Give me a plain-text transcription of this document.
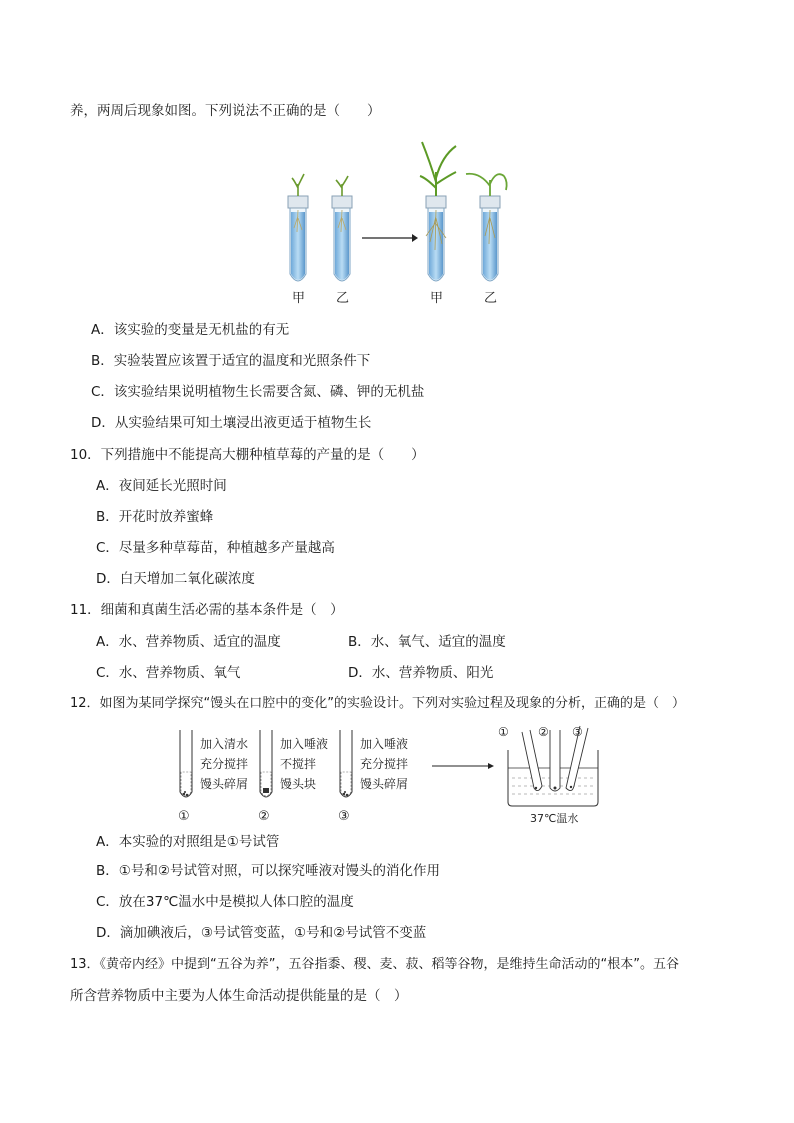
养，两周后现象如图。下列说法不正确的是（　　）
甲 乙	甲	乙
A．该实验的变量是无机盐的有无
B．实验装置应该置于适宜的温度和光照条件下
C．该实验结果说明植物生长需要含氮、磷、钾的无机盐
D．从实验结果可知土壤浸出液更适于植物生长
10．下列措施中不能提高大棚种植草莓的产量的是（　　）
A．夜间延长光照时间
B．开花时放养蜜蜂
C．尽量多种草莓苗，种植越多产量越高
D．白天增加二氧化碳浓度
11．细菌和真菌生活必需的基本条件是（　）
A．水、营养物质、适宜的温度	B．水、氧气、适宜的温度
C．水、营养物质、氧气	D．水、营养物质、阳光
12．如图为某同学探究“馒头在口腔中的变化”的实验设计。下列对实验过程及现象的分析，正确的是（　）
加入清水
充分搅拌
馒头碎屑
①
加入唾液
不搅拌
馒头块
②
加入唾液
充分搅拌
馒头碎屑
③
① ② ③
37℃温水
A．本实验的对照组是①号试管
B．①号和②号试管对照，可以探究唾液对馒头的消化作用
C．放在37℃温水中是模拟人体口腔的温度
D．滴加碘液后，③号试管变蓝，①号和②号试管不变蓝
13．《黄帝内经》中提到“五谷为养”，五谷指黍、稷、麦、菽、稻等谷物，是维持生命活动的“根本”。五谷
所含营养物质中主要为人体生命活动提供能量的是（　）
